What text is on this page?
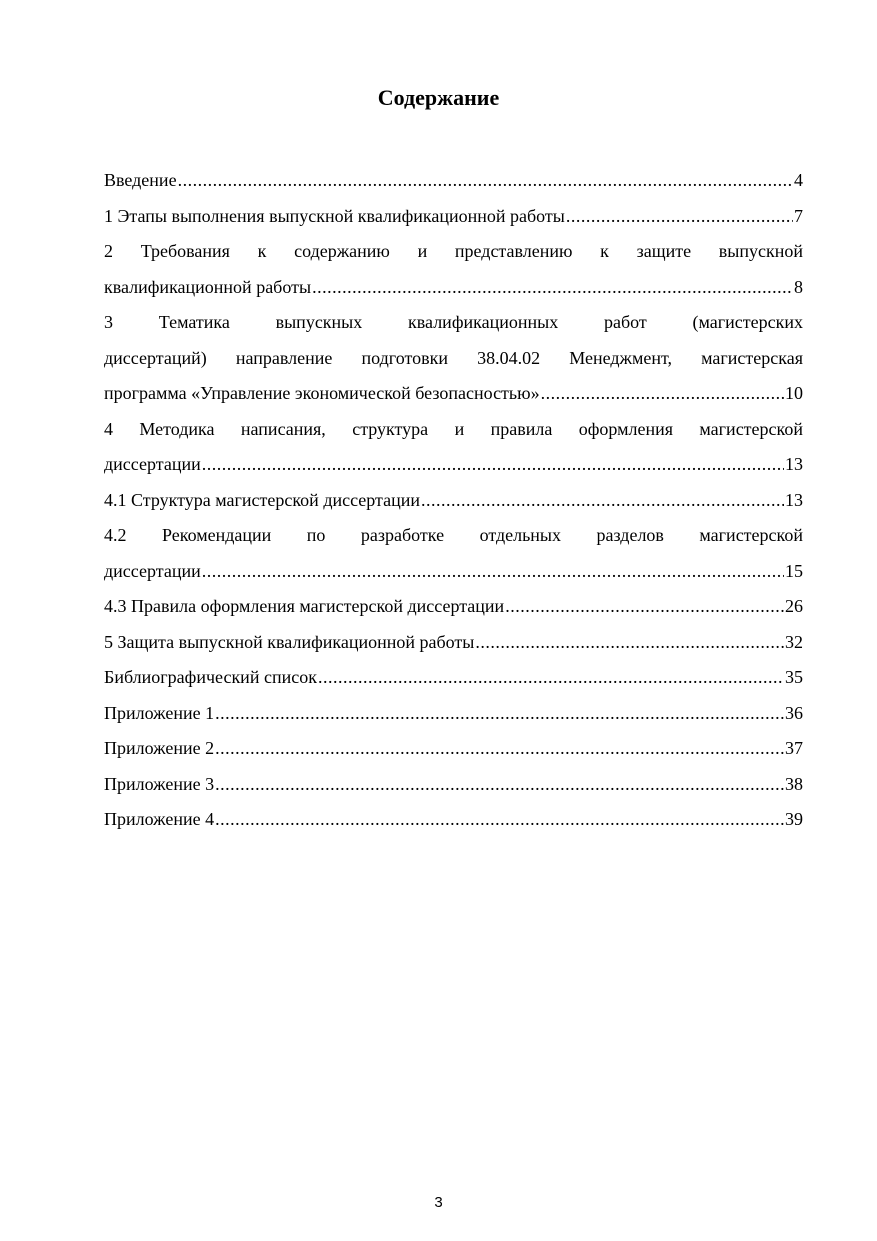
Содержание
Введение .....	4
1 Этапы выполнения выпускной квалификационной работы .....	7
2 Требования к содержанию и представлению к защите выпускной
квалификационной работы .....	8
3 Тематика выпускных квалификационных работ (магистерских
диссертаций) направление подготовки 38.04.02 Менеджмент, магистерская
программа «Управление экономической безопасностью» .....	10
4 Методика написания, структура и правила оформления магистерской
диссертации .....	13
4.1 Структура магистерской диссертации .....	13
4.2 Рекомендации по разработке отдельных разделов магистерской
диссертации .....	15
4.3 Правила оформления магистерской диссертации .....	26
5 Защита выпускной квалификационной работы .....	32
Библиографический список .....	35
Приложение 1 .....	36
Приложение 2 .....	37
Приложение 3 .....	38
Приложение 4 .....	39
3
